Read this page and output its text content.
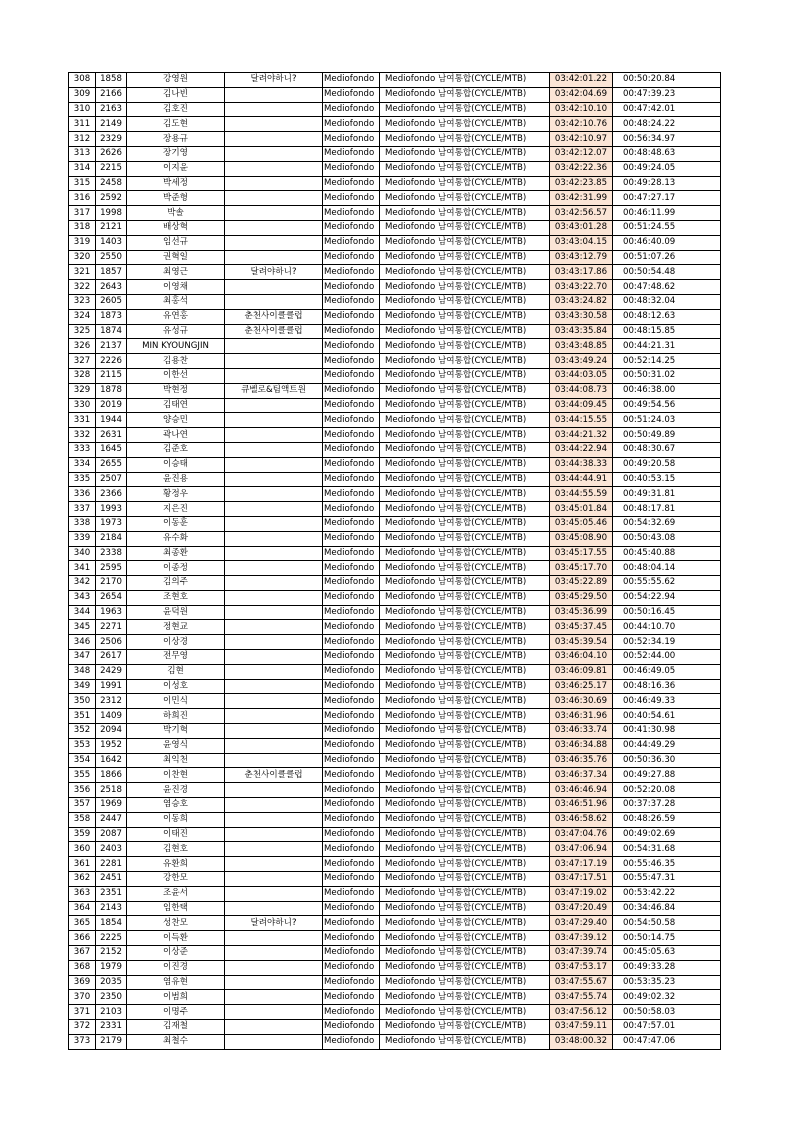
308	1858	강영원	달려야하니?	Mediofondo	Mediofondo 남여통합(CYCLE/MTB)	03:42:01.22	00:50:20.84
309	2166	김나빈		Mediofondo	Mediofondo 남여통합(CYCLE/MTB)	03:42:04.69	00:47:39.23
310	2163	김호진		Mediofondo	Mediofondo 남여통합(CYCLE/MTB)	03:42:10.10	00:47:42.01
311	2149	김도현		Mediofondo	Mediofondo 남여통합(CYCLE/MTB)	03:42:10.76	00:48:24.22
312	2329	장용규		Mediofondo	Mediofondo 남여통합(CYCLE/MTB)	03:42:10.97	00:56:34.97
313	2626	장기영		Mediofondo	Mediofondo 남여통합(CYCLE/MTB)	03:42:12.07	00:48:48.63
314	2215	이지윤		Mediofondo	Mediofondo 남여통합(CYCLE/MTB)	03:42:22.36	00:49:24.05
315	2458	박세정		Mediofondo	Mediofondo 남여통합(CYCLE/MTB)	03:42:23.85	00:49:28.13
316	2592	박준형		Mediofondo	Mediofondo 남여통합(CYCLE/MTB)	03:42:31.99	00:47:27.17
317	1998	박솔		Mediofondo	Mediofondo 남여통합(CYCLE/MTB)	03:42:56.57	00:46:11.99
318	2121	배상혁		Mediofondo	Mediofondo 남여통합(CYCLE/MTB)	03:43:01.28	00:51:24.55
319	1403	임선규		Mediofondo	Mediofondo 남여통합(CYCLE/MTB)	03:43:04.15	00:46:40.09
320	2550	권혁일		Mediofondo	Mediofondo 남여통합(CYCLE/MTB)	03:43:12.79	00:51:07.26
321	1857	최영근	달려야하니?	Mediofondo	Mediofondo 남여통합(CYCLE/MTB)	03:43:17.86	00:50:54.48
322	2643	이영채		Mediofondo	Mediofondo 남여통합(CYCLE/MTB)	03:43:22.70	00:47:48.62
323	2605	최홍석		Mediofondo	Mediofondo 남여통합(CYCLE/MTB)	03:43:24.82	00:48:32.04
324	1873	유연홍	춘천사이클클럽	Mediofondo	Mediofondo 남여통합(CYCLE/MTB)	03:43:30.58	00:48:12.63
325	1874	유성규	춘천사이클클럽	Mediofondo	Mediofondo 남여통합(CYCLE/MTB)	03:43:35.84	00:48:15.85
326	2137	MIN KYOUNGJIN		Mediofondo	Mediofondo 남여통합(CYCLE/MTB)	03:43:48.85	00:44:21.31
327	2226	김용찬		Mediofondo	Mediofondo 남여통합(CYCLE/MTB)	03:43:49.24	00:52:14.25
328	2115	이한선		Mediofondo	Mediofondo 남여통합(CYCLE/MTB)	03:44:03.05	00:50:31.02
329	1878	박현정	큐벨로&팀액트원	Mediofondo	Mediofondo 남여통합(CYCLE/MTB)	03:44:08.73	00:46:38.00
330	2019	김태연		Mediofondo	Mediofondo 남여통합(CYCLE/MTB)	03:44:09.45	00:49:54.56
331	1944	양승민		Mediofondo	Mediofondo 남여통합(CYCLE/MTB)	03:44:15.55	00:51:24.03
332	2631	곽나연		Mediofondo	Mediofondo 남여통합(CYCLE/MTB)	03:44:21.32	00:50:49.89
333	1645	김준호		Mediofondo	Mediofondo 남여통합(CYCLE/MTB)	03:44:22.94	00:48:30.67
334	2655	이승태		Mediofondo	Mediofondo 남여통합(CYCLE/MTB)	03:44:38.33	00:49:20.58
335	2507	윤진용		Mediofondo	Mediofondo 남여통합(CYCLE/MTB)	03:44:44.91	00:40:53.15
336	2366	황정우		Mediofondo	Mediofondo 남여통합(CYCLE/MTB)	03:44:55.59	00:49:31.81
337	1993	지은진		Mediofondo	Mediofondo 남여통합(CYCLE/MTB)	03:45:01.84	00:48:17.81
338	1973	이동훈		Mediofondo	Mediofondo 남여통합(CYCLE/MTB)	03:45:05.46	00:54:32.69
339	2184	유수화		Mediofondo	Mediofondo 남여통합(CYCLE/MTB)	03:45:08.90	00:50:43.08
340	2338	최종환		Mediofondo	Mediofondo 남여통합(CYCLE/MTB)	03:45:17.55	00:45:40.88
341	2595	이종정		Mediofondo	Mediofondo 남여통합(CYCLE/MTB)	03:45:17.70	00:48:04.14
342	2170	김의주		Mediofondo	Mediofondo 남여통합(CYCLE/MTB)	03:45:22.89	00:55:55.62
343	2654	조현호		Mediofondo	Mediofondo 남여통합(CYCLE/MTB)	03:45:29.50	00:54:22.94
344	1963	윤덕원		Mediofondo	Mediofondo 남여통합(CYCLE/MTB)	03:45:36.99	00:50:16.45
345	2271	정현교		Mediofondo	Mediofondo 남여통합(CYCLE/MTB)	03:45:37.45	00:44:10.70
346	2506	이상경		Mediofondo	Mediofondo 남여통합(CYCLE/MTB)	03:45:39.54	00:52:34.19
347	2617	전무영		Mediofondo	Mediofondo 남여통합(CYCLE/MTB)	03:46:04.10	00:52:44.00
348	2429	김현		Mediofondo	Mediofondo 남여통합(CYCLE/MTB)	03:46:09.81	00:46:49.05
349	1991	이성호		Mediofondo	Mediofondo 남여통합(CYCLE/MTB)	03:46:25.17	00:48:16.36
350	2312	이민식		Mediofondo	Mediofondo 남여통합(CYCLE/MTB)	03:46:30.69	00:46:49.33
351	1409	하희진		Mediofondo	Mediofondo 남여통합(CYCLE/MTB)	03:46:31.96	00:40:54.61
352	2094	박기혁		Mediofondo	Mediofondo 남여통합(CYCLE/MTB)	03:46:33.74	00:41:30.98
353	1952	윤영식		Mediofondo	Mediofondo 남여통합(CYCLE/MTB)	03:46:34.88	00:44:49.29
354	1642	최익천		Mediofondo	Mediofondo 남여통합(CYCLE/MTB)	03:46:35.76	00:50:36.30
355	1866	이찬현	춘천사이클클럽	Mediofondo	Mediofondo 남여통합(CYCLE/MTB)	03:46:37.34	00:49:27.88
356	2518	윤진경		Mediofondo	Mediofondo 남여통합(CYCLE/MTB)	03:46:46.94	00:52:20.08
357	1969	염승호		Mediofondo	Mediofondo 남여통합(CYCLE/MTB)	03:46:51.96	00:37:37.28
358	2447	이동희		Mediofondo	Mediofondo 남여통합(CYCLE/MTB)	03:46:58.62	00:48:26.59
359	2087	이태진		Mediofondo	Mediofondo 남여통합(CYCLE/MTB)	03:47:04.76	00:49:02.69
360	2403	김현호		Mediofondo	Mediofondo 남여통합(CYCLE/MTB)	03:47:06.94	00:54:31.68
361	2281	유환희		Mediofondo	Mediofondo 남여통합(CYCLE/MTB)	03:47:17.19	00:55:46.35
362	2451	강한모		Mediofondo	Mediofondo 남여통합(CYCLE/MTB)	03:47:17.51	00:55:47.31
363	2351	조윤서		Mediofondo	Mediofondo 남여통합(CYCLE/MTB)	03:47:19.02	00:53:42.22
364	2143	임한택		Mediofondo	Mediofondo 남여통합(CYCLE/MTB)	03:47:20.49	00:34:46.84
365	1854	성찬모	달려야하니?	Mediofondo	Mediofondo 남여통합(CYCLE/MTB)	03:47:29.40	00:54:50.58
366	2225	이득환		Mediofondo	Mediofondo 남여통합(CYCLE/MTB)	03:47:39.12	00:50:14.75
367	2152	이상준		Mediofondo	Mediofondo 남여통합(CYCLE/MTB)	03:47:39.74	00:45:05.63
368	1979	이진경		Mediofondo	Mediofondo 남여통합(CYCLE/MTB)	03:47:53.17	00:49:33.28
369	2035	염유현		Mediofondo	Mediofondo 남여통합(CYCLE/MTB)	03:47:55.67	00:53:35.23
370	2350	이범희		Mediofondo	Mediofondo 남여통합(CYCLE/MTB)	03:47:55.74	00:49:02.32
371	2103	이명주		Mediofondo	Mediofondo 남여통합(CYCLE/MTB)	03:47:56.12	00:50:58.03
372	2331	김재철		Mediofondo	Mediofondo 남여통합(CYCLE/MTB)	03:47:59.11	00:47:57.01
373	2179	최철수		Mediofondo	Mediofondo 남여통합(CYCLE/MTB)	03:48:00.32	00:47:47.06
